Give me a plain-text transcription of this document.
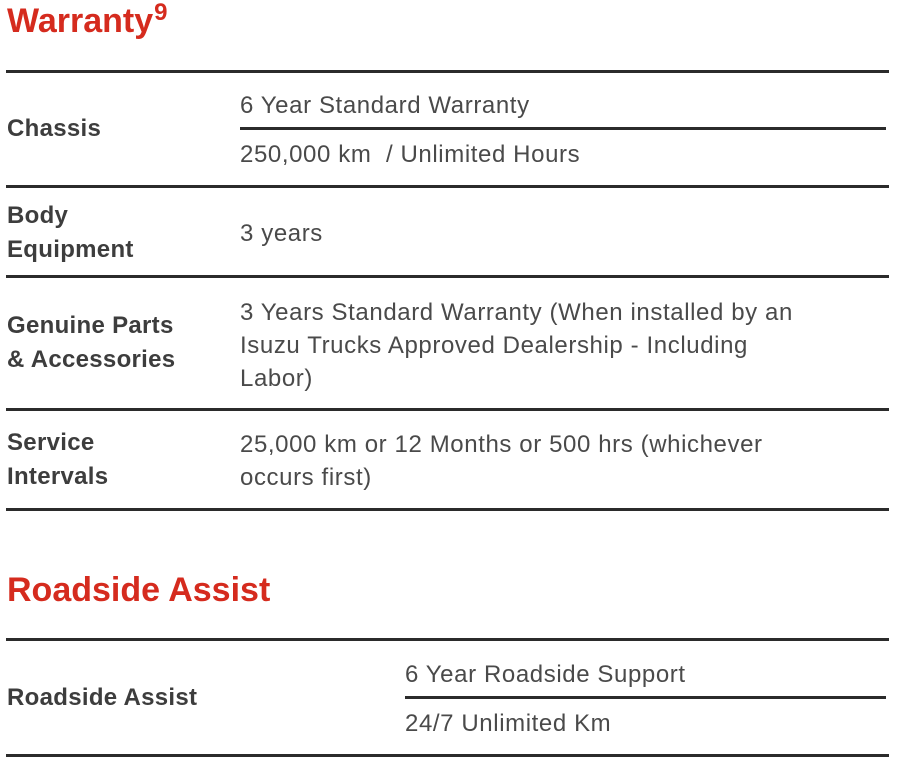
Warranty$^9$
Chassis
6 Year Standard Warranty
250,000 km  / Unlimited Hours
Body
Equipment
3 years
Genuine Parts
& Accessories
3 Years Standard Warranty (When installed by an
Isuzu Trucks Approved Dealership - Including
Labor)
Service
Intervals
25,000 km or 12 Months or 500 hrs (whichever
occurs first)
Roadside Assist
Roadside Assist
6 Year Roadside Support
24/7 Unlimited Km
